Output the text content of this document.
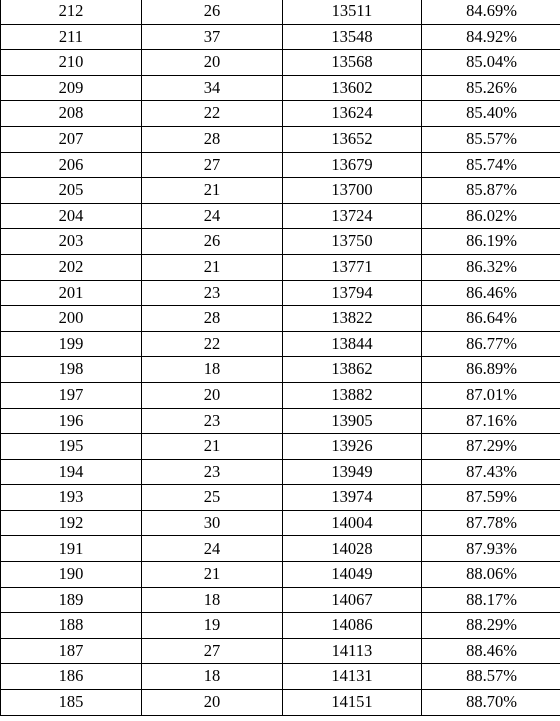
212	26	13511	84.69%
211	37	13548	84.92%
210	20	13568	85.04%
209	34	13602	85.26%
208	22	13624	85.40%
207	28	13652	85.57%
206	27	13679	85.74%
205	21	13700	85.87%
204	24	13724	86.02%
203	26	13750	86.19%
202	21	13771	86.32%
201	23	13794	86.46%
200	28	13822	86.64%
199	22	13844	86.77%
198	18	13862	86.89%
197	20	13882	87.01%
196	23	13905	87.16%
195	21	13926	87.29%
194	23	13949	87.43%
193	25	13974	87.59%
192	30	14004	87.78%
191	24	14028	87.93%
190	21	14049	88.06%
189	18	14067	88.17%
188	19	14086	88.29%
187	27	14113	88.46%
186	18	14131	88.57%
185	20	14151	88.70%
